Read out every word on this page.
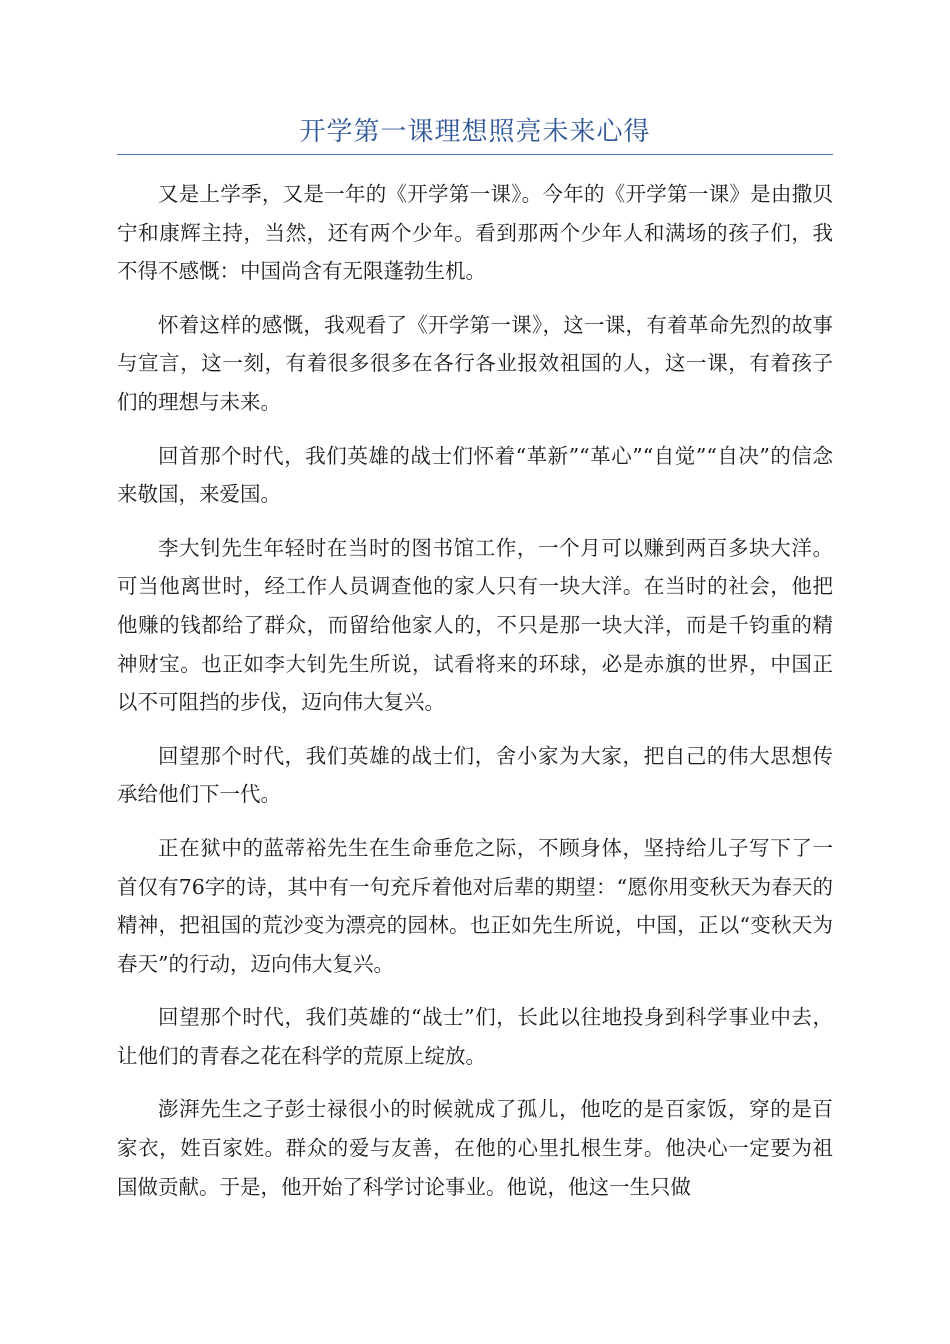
开学第一课理想照亮未来心得

又是上学季，又是一年的《开学第一课》。今年的《开学第一课》是由撒贝宁和康辉主持，当然，还有两个少年。看到那两个少年人和满场的孩子们，我不得不感慨：中国尚含有无限蓬勃生机。

怀着这样的感慨，我观看了《开学第一课》，这一课，有着革命先烈的故事与宣言，这一刻，有着很多很多在各行各业报效祖国的人，这一课，有着孩子们的理想与未来。

回首那个时代，我们英雄的战士们怀着“革新”“革心”“自觉”“自决”的信念来敬国，来爱国。

李大钊先生年轻时在当时的图书馆工作，一个月可以赚到两百多块大洋。可当他离世时，经工作人员调查他的家人只有一块大洋。在当时的社会，他把他赚的钱都给了群众，而留给他家人的，不只是那一块大洋，而是千钧重的精神财宝。也正如李大钊先生所说，试看将来的环球，必是赤旗的世界，中国正以不可阻挡的步伐，迈向伟大复兴。

回望那个时代，我们英雄的战士们，舍小家为大家，把自己的伟大思想传承给他们下一代。

正在狱中的蓝蒂裕先生在生命垂危之际，不顾身体，坚持给儿子写下了一首仅有76字的诗，其中有一句充斥着他对后辈的期望：“愿你用变秋天为春天的精神，把祖国的荒沙变为漂亮的园林。也正如先生所说，中国，正以“变秋天为春天”的行动，迈向伟大复兴。

回望那个时代，我们英雄的“战士”们，长此以往地投身到科学事业中去，让他们的青春之花在科学的荒原上绽放。

澎湃先生之子彭士禄很小的时候就成了孤儿，他吃的是百家饭，穿的是百家衣，姓百家姓。群众的爱与友善，在他的心里扎根生芽。他决心一定要为祖国做贡献。于是，他开始了科学讨论事业。他说，他这一生只做
